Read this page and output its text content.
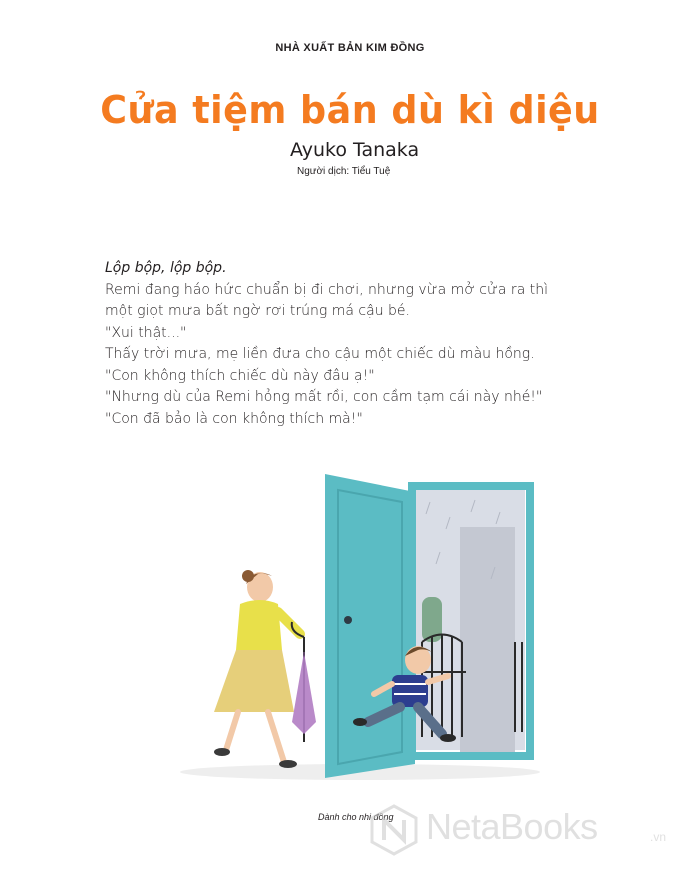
NHÀ XUẤT BẢN KIM ĐỒNG
Cửa tiệm bán dù kì diệu
Ayuko Tanaka
Người dịch: Tiểu Tuệ
Lộp bộp, lộp bộp.
Remi đang háo hức chuẩn bị đi chơi, nhưng vừa mở cửa ra thì
một giọt mưa bất ngờ rơi trúng má cậu bé.
"Xui thật..."
Thấy trời mưa, mẹ liền đưa cho cậu một chiếc dù màu hồng.
"Con không thích chiếc dù này đâu ạ!"
"Nhưng dù của Remi hỏng mất rồi, con cầm tạm cái này nhé!"
"Con đã bảo là con không thích mà!"
Dành cho nhi đồng NetaBooks	.vn
